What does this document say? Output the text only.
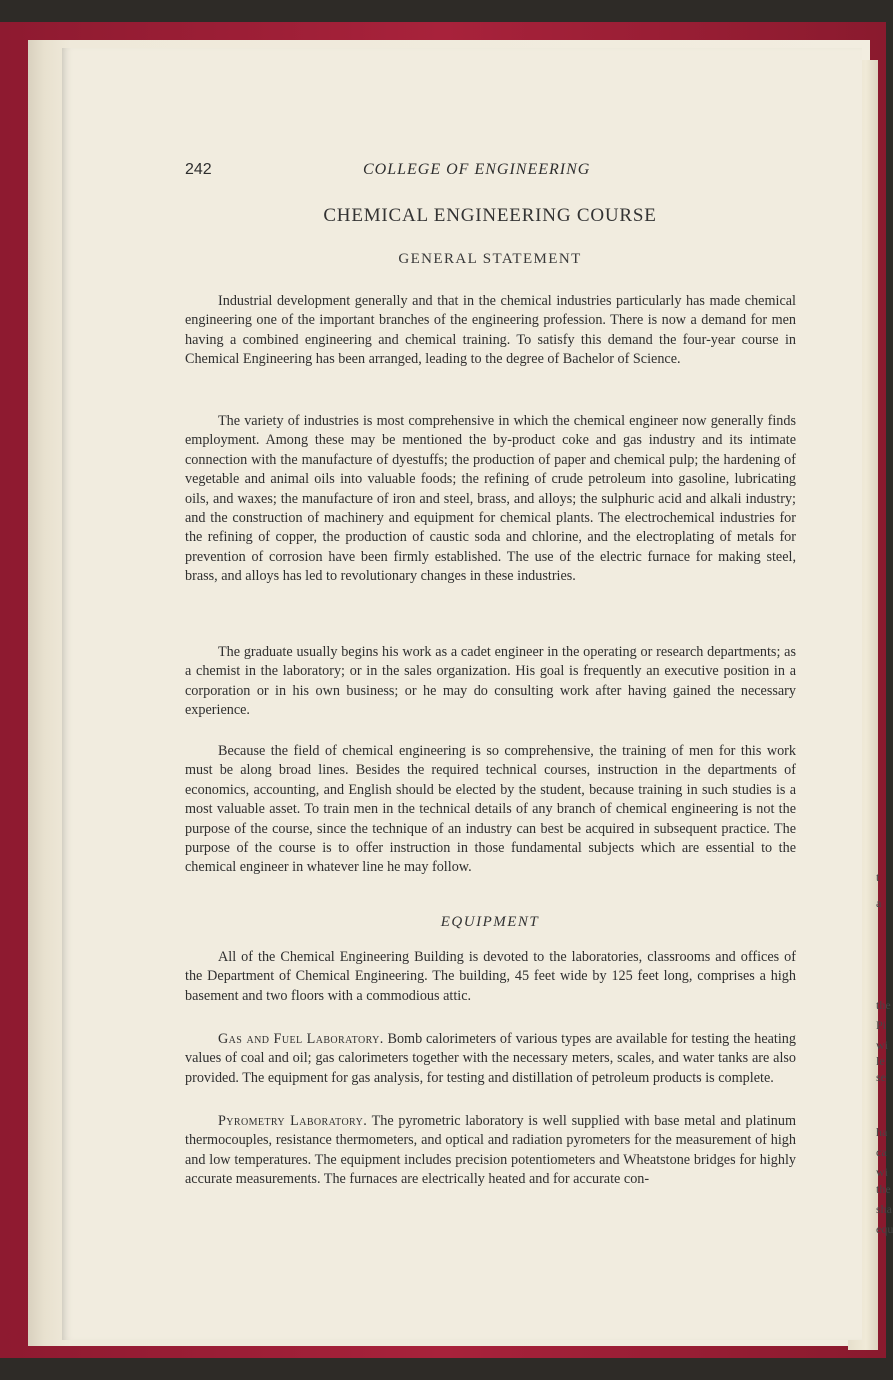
t
a
the
Pi
wi
le
se
ha
ca
wi
the
sha
equ
242	COLLEGE OF ENGINEERING
CHEMICAL ENGINEERING COURSE
GENERAL STATEMENT

Industrial development generally and that in the chemical industries particularly has made chemical engineering one of the important branches of the engineering profession. There is now a demand for men having a combined engineering and chemical training. To satisfy this demand the four-year course in Chemical Engineering has been arranged, leading to the degree of Bachelor of Science.

The variety of industries is most comprehensive in which the chemical engineer now generally finds employment. Among these may be mentioned the by-product coke and gas industry and its intimate connection with the manufacture of dyestuffs; the production of paper and chemical pulp; the hardening of vegetable and animal oils into valuable foods; the refining of crude petroleum into gasoline, lubricating oils, and waxes; the manufacture of iron and steel, brass, and alloys; the sulphuric acid and alkali industry; and the construction of machinery and equipment for chemical plants. The electrochemical industries for the refining of copper, the production of caustic soda and chlorine, and the electroplating of metals for prevention of corrosion have been firmly established. The use of the electric furnace for making steel, brass, and alloys has led to revolutionary changes in these industries.

The graduate usually begins his work as a cadet engineer in the operating or research departments; as a chemist in the laboratory; or in the sales organization. His goal is frequently an executive position in a corporation or in his own business; or he may do consulting work after having gained the necessary experience.

Because the field of chemical engineering is so comprehensive, the training of men for this work must be along broad lines. Besides the required technical courses, instruction in the departments of economics, accounting, and English should be elected by the student, because training in such studies is a most valuable asset. To train men in the technical details of any branch of chemical engineering is not the purpose of the course, since the technique of an industry can best be acquired in subsequent practice. The purpose of the course is to offer instruction in those fundamental subjects which are essential to the chemical engineer in whatever line he may follow.

EQUIPMENT

All of the Chemical Engineering Building is devoted to the laboratories, classrooms and offices of the Department of Chemical Engineering. The building, 45 feet wide by 125 feet long, comprises a high basement and two floors with a commodious attic.

Gas and Fuel Laboratory. Bomb calorimeters of various types are available for testing the heating values of coal and oil; gas calorimeters together with the necessary meters, scales, and water tanks are also provided. The equipment for gas analysis, for testing and distillation of petroleum products is complete.

Pyrometry Laboratory. The pyrometric laboratory is well supplied with base metal and platinum thermocouples, resistance thermometers, and optical and radiation pyrometers for the measurement of high and low temperatures. The equipment includes precision potentiometers and Wheatstone bridges for highly accurate measurements. The furnaces are electrically heated and for accurate con-
